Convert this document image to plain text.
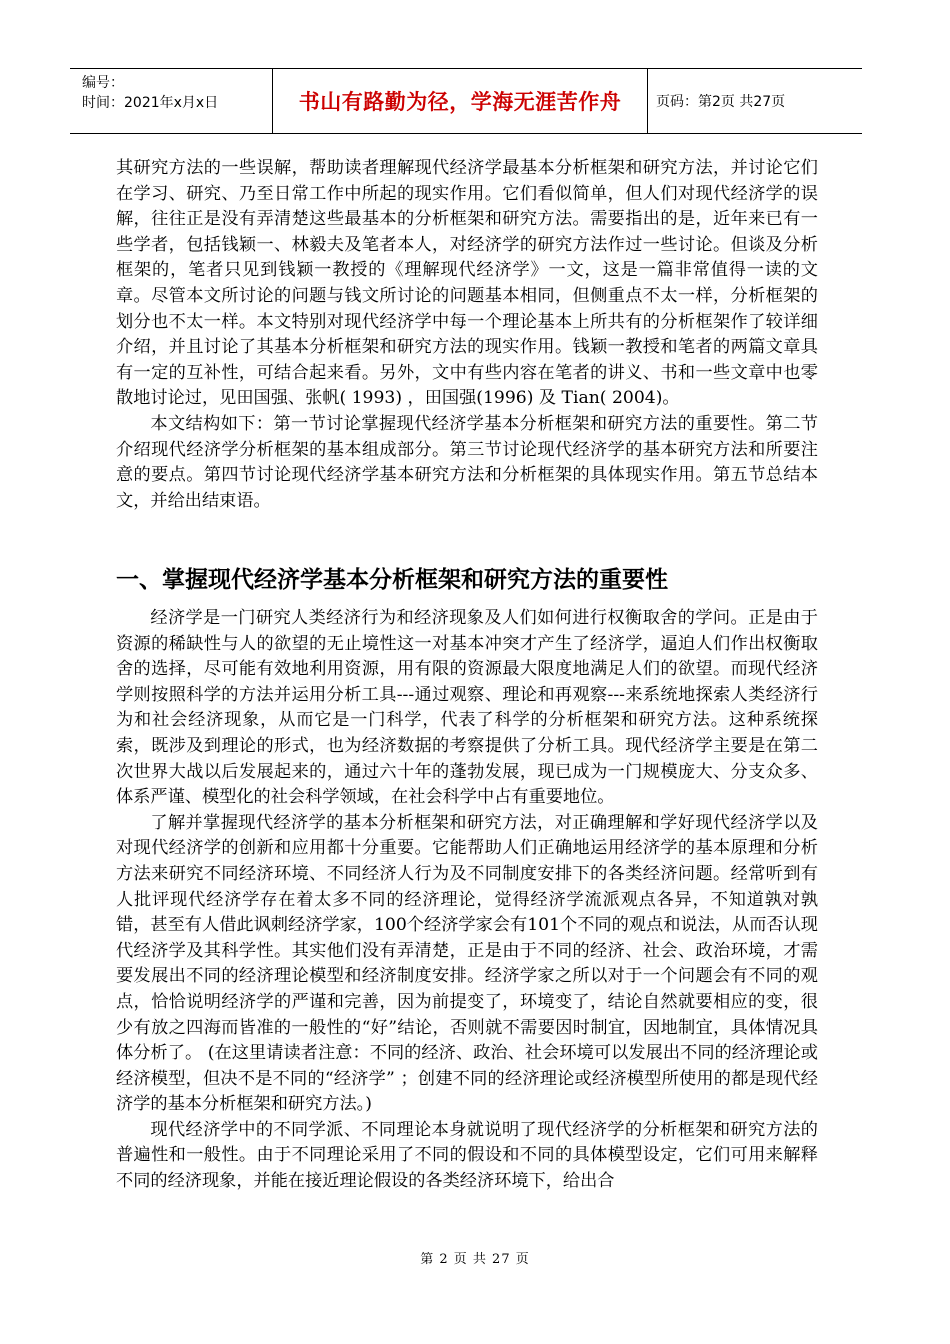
编号：
时间：2021年x月x日	书山有路勤为径，学海无涯苦作舟	页码：第2页 共27页

其研究方法的一些误解，帮助读者理解现代经济学最基本分析框架和研究方法，并讨论它们在学习、研究、乃至日常工作中所起的现实作用。它们看似简单，但人们对现代经济学的误解，往往正是没有弄清楚这些最基本的分析框架和研究方法。需要指出的是，近年来已有一些学者，包括钱颖一、林毅夫及笔者本人，对经济学的研究方法作过一些讨论。但谈及分析框架的，笔者只见到钱颖一教授的《理解现代经济学》一文，这是一篇非常值得一读的文章。尽管本文所讨论的问题与钱文所讨论的问题基本相同，但侧重点不太一样，分析框架的划分也不太一样。本文特别对现代经济学中每一个理论基本上所共有的分析框架作了较详细介绍，并且讨论了其基本分析框架和研究方法的现实作用。钱颖一教授和笔者的两篇文章具有一定的互补性，可结合起来看。另外，文中有些内容在笔者的讲义、书和一些文章中也零散地讨论过，见田国强、张帆( 1993) ，田国强(1996) 及 Tian( 2004)。

本文结构如下：第一节讨论掌握现代经济学基本分析框架和研究方法的重要性。第二节介绍现代经济学分析框架的基本组成部分。第三节讨论现代经济学的基本研究方法和所要注意的要点。第四节讨论现代经济学基本研究方法和分析框架的具体现实作用。第五节总结本文，并给出结束语。

一、掌握现代经济学基本分析框架和研究方法的重要性

经济学是一门研究人类经济行为和经济现象及人们如何进行权衡取舍的学问。正是由于资源的稀缺性与人的欲望的无止境性这一对基本冲突才产生了经济学，逼迫人们作出权衡取舍的选择，尽可能有效地利用资源，用有限的资源最大限度地满足人们的欲望。而现代经济学则按照科学的方法并运用分析工具---通过观察、理论和再观察---来系统地探索人类经济行为和社会经济现象，从而它是一门科学，代表了科学的分析框架和研究方法。这种系统探索，既涉及到理论的形式，也为经济数据的考察提供了分析工具。现代经济学主要是在第二次世界大战以后发展起来的，通过六十年的蓬勃发展，现已成为一门规模庞大、分支众多、体系严谨、模型化的社会科学领域，在社会科学中占有重要地位。

了解并掌握现代经济学的基本分析框架和研究方法，对正确理解和学好现代经济学以及对现代经济学的创新和应用都十分重要。它能帮助人们正确地运用经济学的基本原理和分析方法来研究不同经济环境、不同经济人行为及不同制度安排下的各类经济问题。经常听到有人批评现代经济学存在着太多不同的经济理论，觉得经济学流派观点各异，不知道孰对孰错，甚至有人借此讽刺经济学家，100个经济学家会有101个不同的观点和说法，从而否认现代经济学及其科学性。其实他们没有弄清楚，正是由于不同的经济、社会、政治环境，才需要发展出不同的经济理论模型和经济制度安排。经济学家之所以对于一个问题会有不同的观点，恰恰说明经济学的严谨和完善，因为前提变了，环境变了，结论自然就要相应的变，很少有放之四海而皆准的一般性的“好”结论，否则就不需要因时制宜，因地制宜，具体情况具体分析了。 (在这里请读者注意：不同的经济、政治、社会环境可以发展出不同的经济理论或经济模型，但决不是不同的“经济学” ；创建不同的经济理论或经济模型所使用的都是现代经济学的基本分析框架和研究方法。)

现代经济学中的不同学派、不同理论本身就说明了现代经济学的分析框架和研究方法的普遍性和一般性。由于不同理论采用了不同的假设和不同的具体模型设定，它们可用来解释不同的经济现象，并能在接近理论假设的各类经济环境下，给出合

第 2 页 共 27 页
